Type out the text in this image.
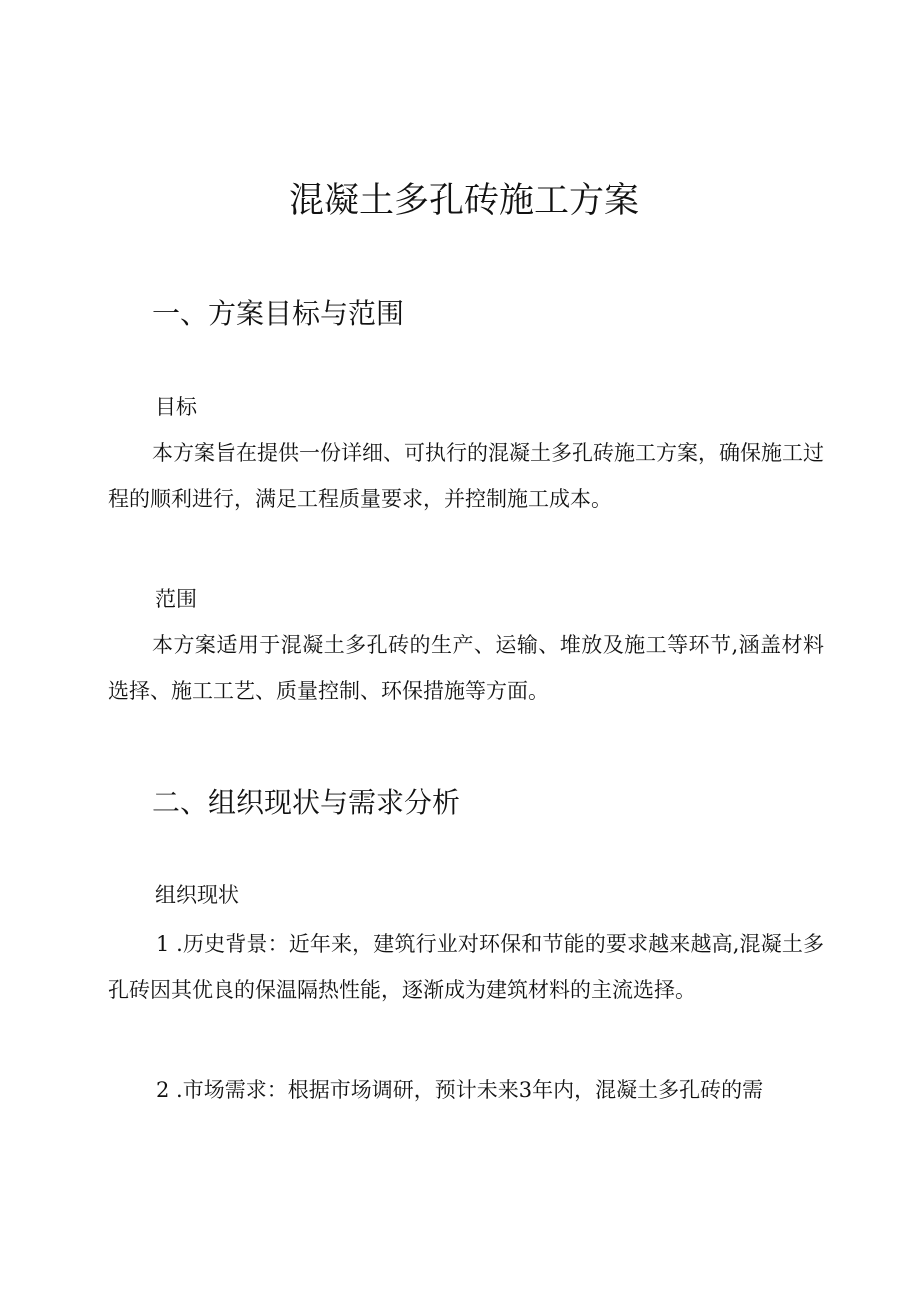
混凝土多孔砖施工方案
一、方案目标与范围
目标

本方案旨在提供一份详细、可执行的混凝土多孔砖施工方案，确保施工过程的顺利进行，满足工程质量要求，并控制施工成本。

范围

本方案适用于混凝土多孔砖的生产、运输、堆放及施工等环节,涵盖材料选择、施工工艺、质量控制、环保措施等方面。

二、组织现状与需求分析
组织现状

1 .历史背景：近年来，建筑行业对环保和节能的要求越来越高,混凝土多孔砖因其优良的保温隔热性能，逐渐成为建筑材料的主流选择。

2 .市场需求：根据市场调研，预计未来3年内，混凝土多孔砖的需
